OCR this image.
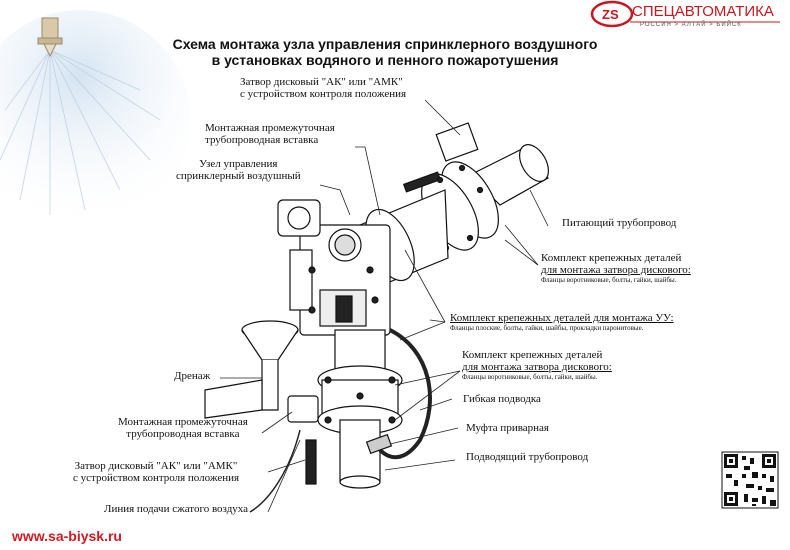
ZS СПЕЦАВТОМАТИКА
РОССИЯ > АЛТАЙ > БИЙСК
Схема монтажа узла управления спринклерного воздушного
в установках водяного и пенного пожаротушения
Затвор дисковый "АК" или "АМК"
с устройством контроля положения
Монтажная промежуточная
трубопроводная вставка
Узел управления
спринклерный воздушный
Питающий трубопровод
Комплект крепежных деталей
для монтажа затвора дискового:
Фланцы воротниковые, болты, гайки, шайбы.
Комплект крепежных деталей для монтажа УУ:
Фланцы плоские, болты, гайки, шайбы, прокладки паронитовые.
Комплект крепежных деталей
для монтажа затвора дискового:
Фланцы воротниковые, болты, гайки, шайбы.
Дренаж
Гибкая подводка
Монтажная промежуточная
трубопроводная вставка	Муфта приварная
Затвор дисковый "АК" или "АМК"
с устройством контроля положения
Подводящий трубопровод
Линия подачи сжатого воздуха
www.sa-biysk.ru
